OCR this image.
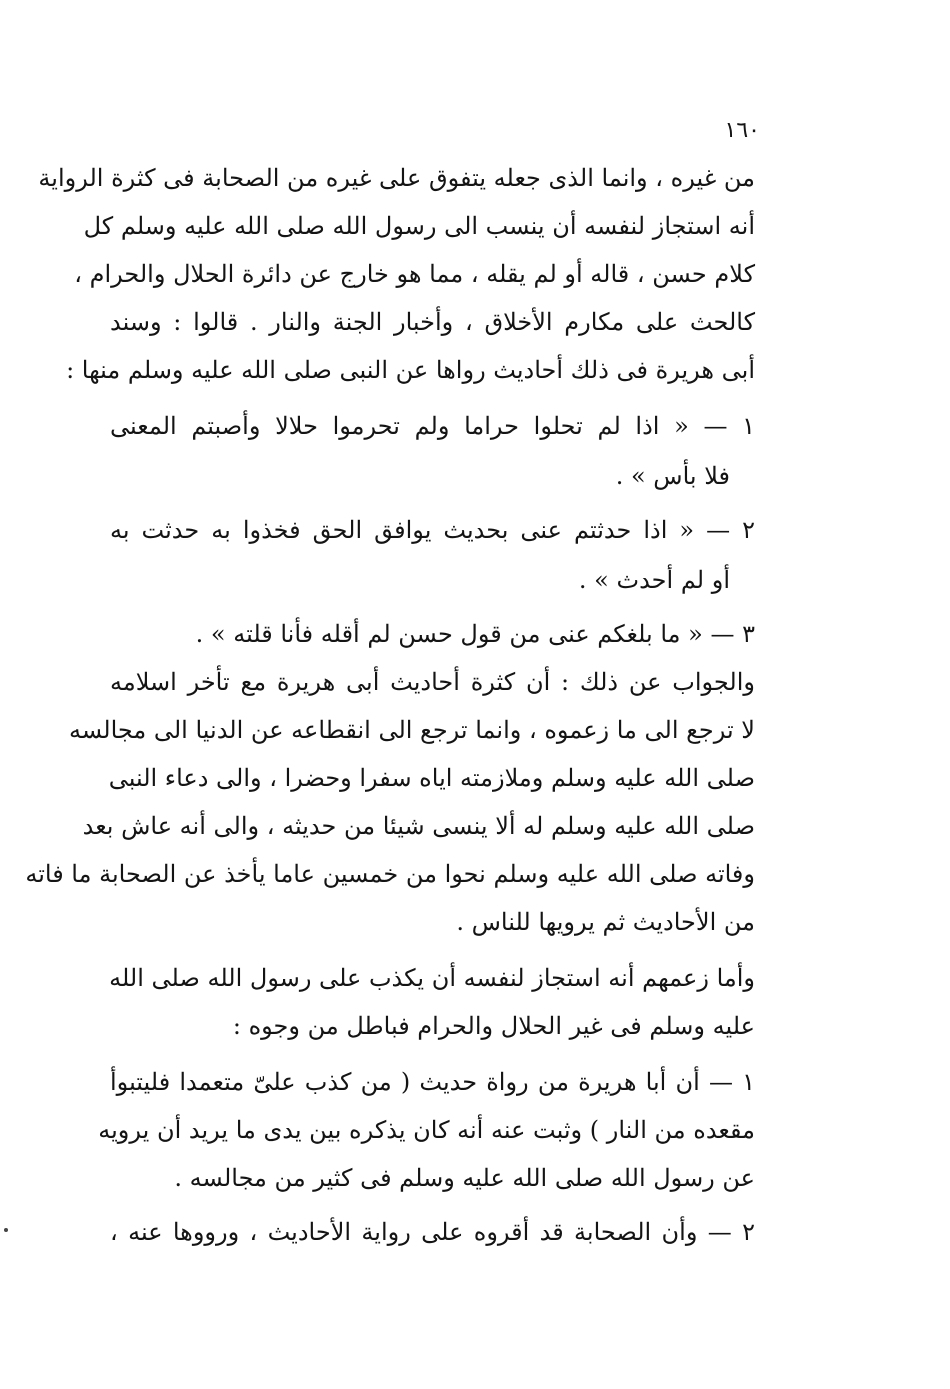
١٦٠
من غيره ، وانما الذى جعله يتفوق على غيره من الصحابة فى كثرة الرواية
أنه استجاز لنفسه أن ينسب الى رسول الله صلى الله عليه وسلم كل
كلام حسن ، قاله أو لم يقله ، مما هو خارج عن دائرة الحلال والحرام ،
كالحث على مكارم الأخلاق ، وأخبار الجنة والنار . قالوا : وسند
أبى هريرة فى ذلك أحاديث رواها عن النبى صلى الله عليه وسلم منها :
١ — « اذا لم تحلوا حراما ولم تحرموا حلالا وأصبتم المعنى
فلا بأس » .
٢ — « اذا حدثتم عنى بحديث يوافق الحق فخذوا به حدثت به
أو لم أحدث » .
٣ — « ما بلغكم عنى من قول حسن لم أقله فأنا قلته » .
والجواب عن ذلك : أن كثرة أحاديث أبى هريرة مع تأخر اسلامه
لا ترجع الى ما زعموه ، وانما ترجع الى انقطاعه عن الدنيا الى مجالسه
صلى الله عليه وسلم وملازمته اياه سفرا وحضرا ، والى دعاء النبى
صلى الله عليه وسلم له ألا ينسى شيئا من حديثه ، والى أنه عاش بعد
وفاته صلى الله عليه وسلم نحوا من خمسين عاما يأخذ عن الصحابة ما فاته
من الأحاديث ثم يرويها للناس .
وأما زعمهم أنه استجاز لنفسه أن يكذب على رسول الله صلى الله
عليه وسلم فى غير الحلال والحرام فباطل من وجوه :
١ — أن أبا هريرة من رواة حديث ( من كذب علىّ متعمدا فليتبوأ
مقعده من النار ) وثبت عنه أنه كان يذكره بين يدى ما يريد أن يرويه
عن رسول الله صلى الله عليه وسلم فى كثير من مجالسه .
٢ — وأن الصحابة قد أقروه على رواية الأحاديث ، ورووها عنه ،
